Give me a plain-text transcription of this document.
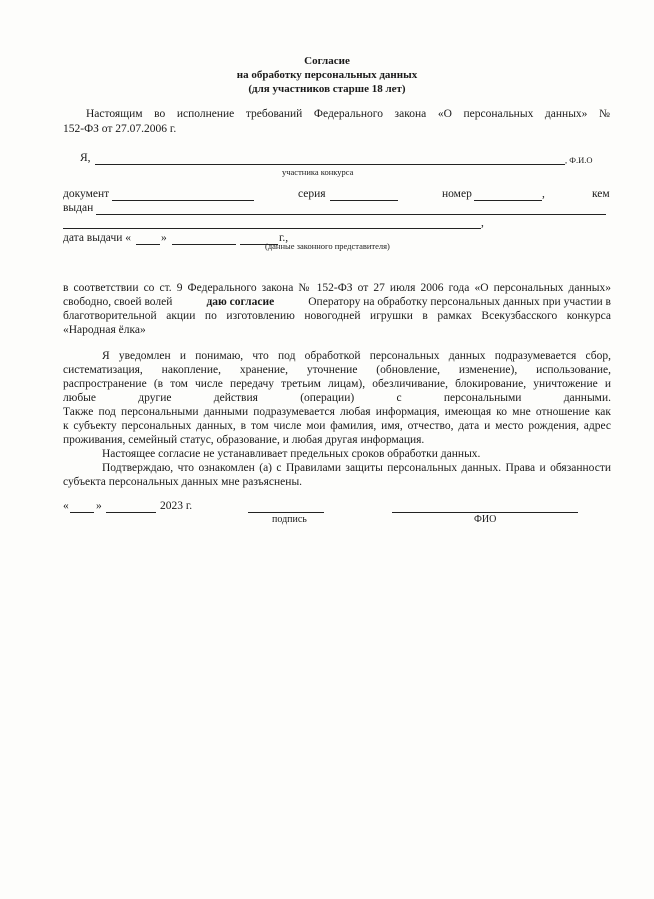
Согласие
на обработку персональных данных
(для участников старше 18 лет)
Настоящим во исполнение требований Федерального закона «О персональных данных» №
152-ФЗ от 27.07.2006 г.
Я,	, Ф.И.О
участника конкурса
документ	серия	номер	,	кем
выдан
,
дата выдачи «	»	г.,
(данные законного представителя)
в соответствии со ст. 9 Федерального закона № 152-ФЗ от 27 июля 2006 года «О персональных данных»
свободно, своей волей	даю согласие	Оператору на обработку персональных данных при участии в
благотворительной акции по изготовлению новогодней игрушки в рамках Всекузбасского конкурса
«Народная ёлка»
Я уведомлен и понимаю, что под обработкой персональных данных подразумевается сбор,
систематизация, накопление, хранение, уточнение (обновление, изменение), использование,
распространение (в том числе передачу третьим лицам), обезличивание, блокирование, уничтожение и
любые другие действия (операции) с персональными данными.
Также под персональными данными подразумевается любая информация, имеющая ко мне отношение как
к субъекту персональных данных, в том числе мои фамилия, имя, отчество, дата и место рождения, адрес
проживания, семейный статус, образование, и любая другая информация.
Настоящее согласие не устанавливает предельных сроков обработки данных.
Подтверждаю, что ознакомлен (а) с Правилами защиты персональных данных. Права и обязанности
субъекта персональных данных мне разъяснены.
« »	2023 г.
подпись	ФИО
